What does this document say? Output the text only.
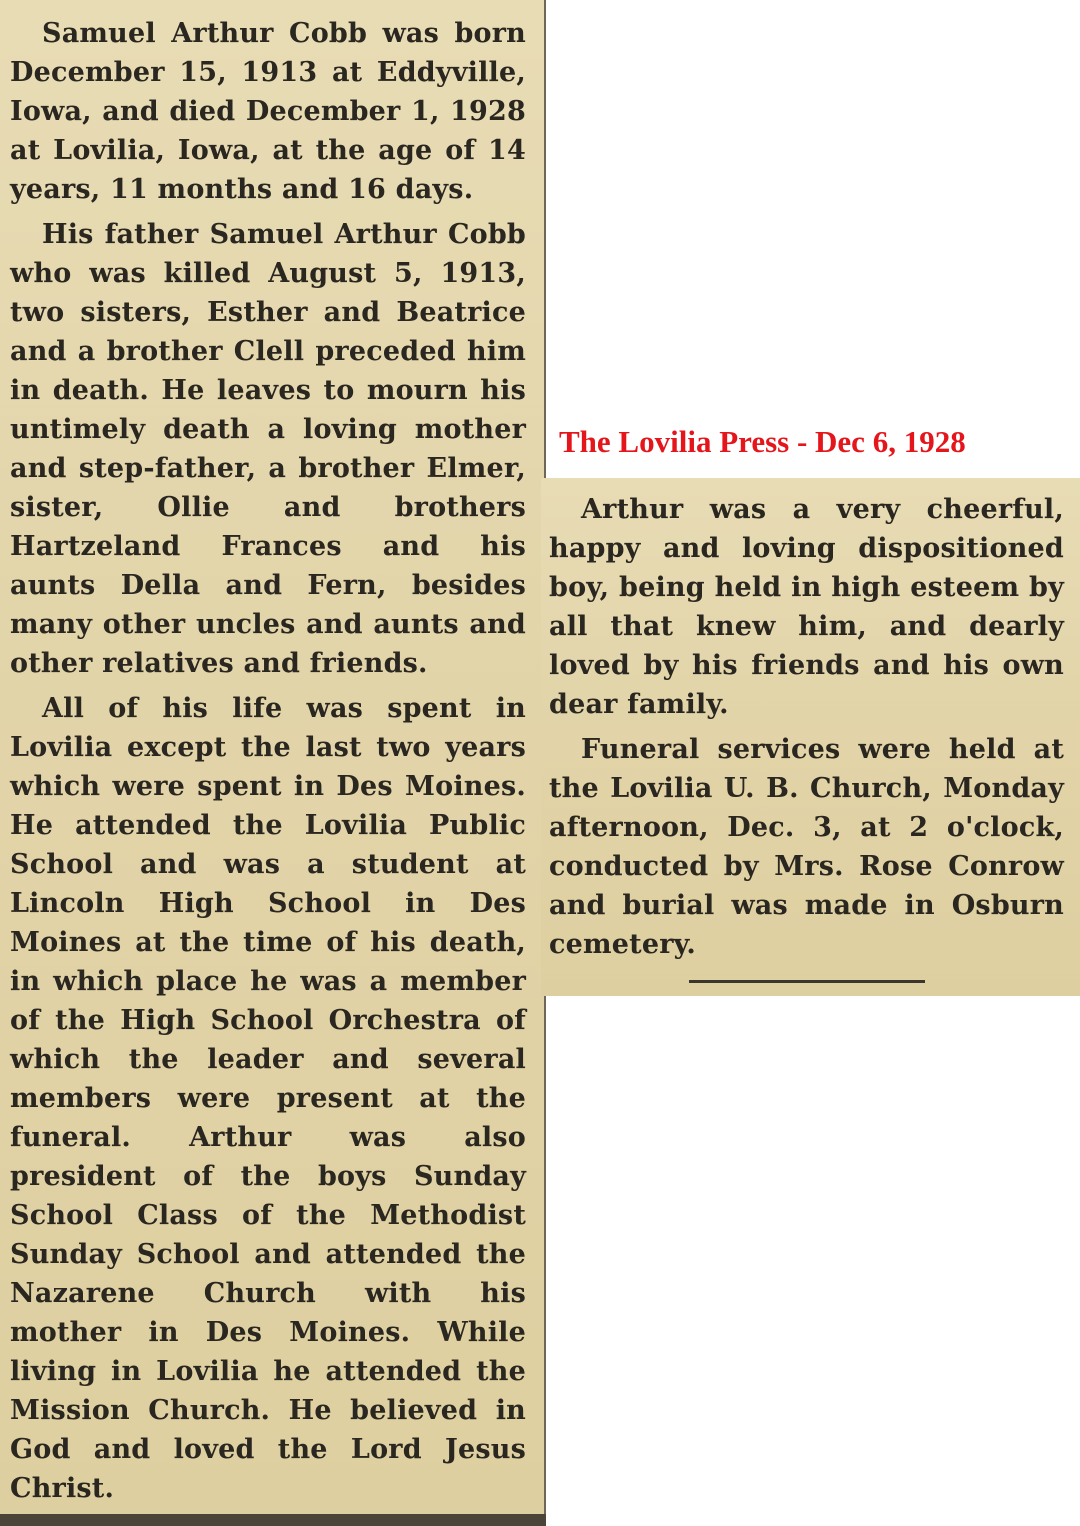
Samuel Arthur Cobb was born December 15, 1913 at Eddyville, Iowa, and died December 1, 1928 at Lovilia, Iowa, at the age of 14 years, 11 months and 16 days.

His father Samuel Arthur Cobb who was killed August 5, 1913, two sisters, Esther and Beatrice and a brother Clell preceded him in death. He leaves to mourn his untimely death a loving mother and step-father, a brother Elmer, sister, Ollie and brothers Hartzeland Frances and his aunts Della and Fern, besides many other uncles and aunts and other relatives and friends.

All of his life was spent in Lovilia except the last two years which were spent in Des Moines. He attended the Lovilia Public School and was a student at Lincoln High School in Des Moines at the time of his death, in which place he was a member of the High School Orchestra of which the leader and several members were present at the funeral. Arthur was also president of the boys Sunday School Class of the Methodist Sunday School and attended the Nazarene Church with his mother in Des Moines. While living in Lovilia he attended the Mission Church. He believed in God and loved the Lord Jesus Christ.

The Lovilia Press - Dec 6, 1928

Arthur was a very cheerful, happy and loving dispositioned boy, being held in high esteem by all that knew him, and dearly loved by his friends and his own dear family.

Funeral services were held at the Lovilia U. B. Church, Monday afternoon, Dec. 3, at 2 o'clock, conducted by Mrs. Rose Conrow and burial was made in Osburn cemetery.
